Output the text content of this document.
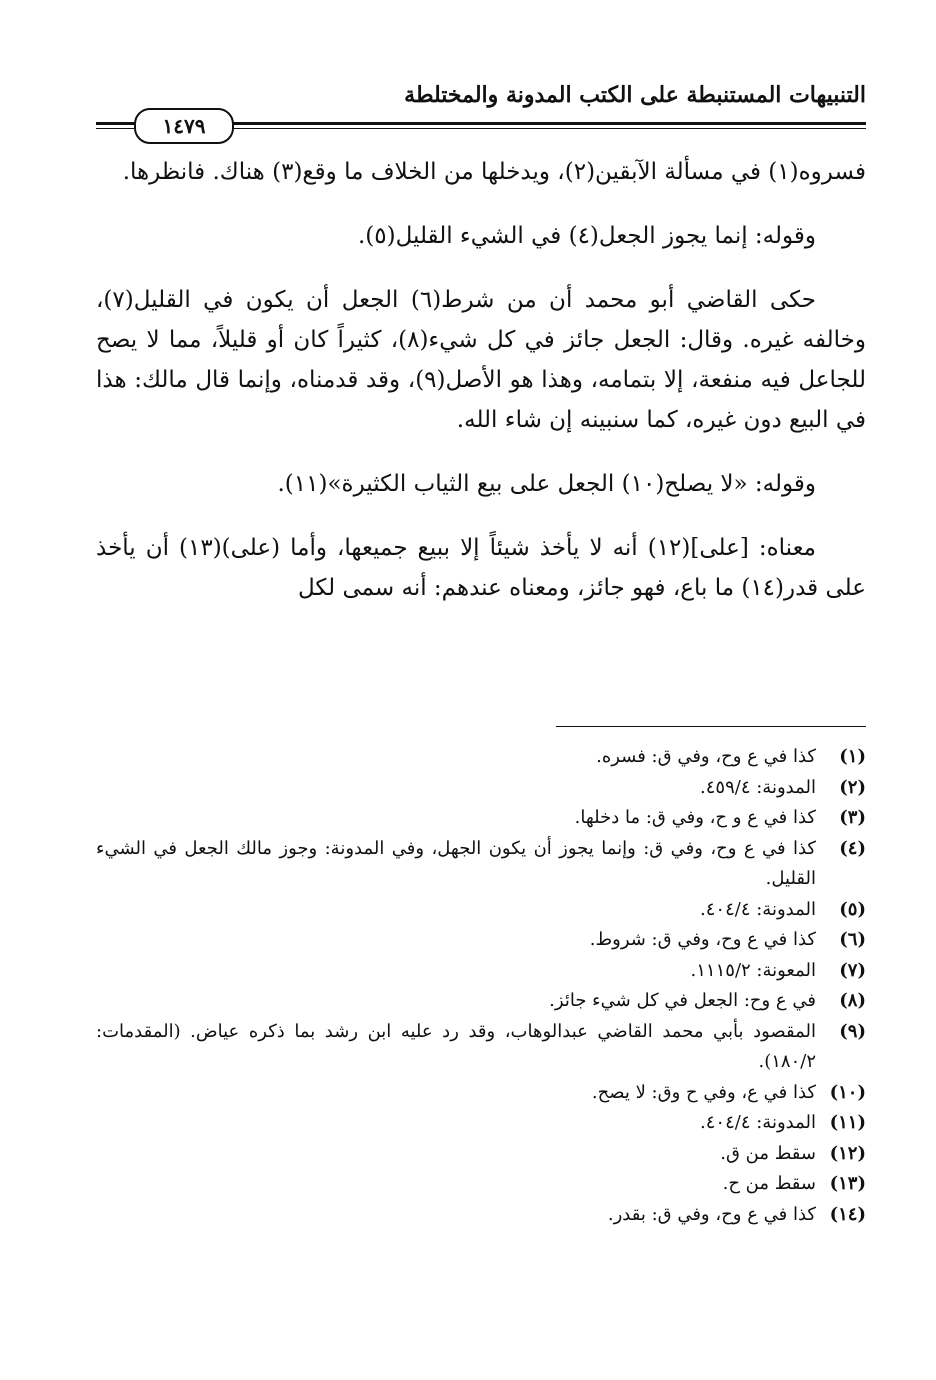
التنبيهات المستنبطة على الكتب المدونة والمختلطة
١٤٧٩

فسروه(١) في مسألة الآبقين(٢)، ويدخلها من الخلاف ما وقع(٣) هناك. فانظرها.

وقوله: إنما يجوز الجعل(٤) في الشيء القليل(٥).

حكى القاضي أبو محمد أن من شرط(٦) الجعل أن يكون في القليل(٧)، وخالفه غيره. وقال: الجعل جائز في كل شيء(٨)، كثيراً كان أو قليلاً، مما لا يصح للجاعل فيه منفعة، إلا بتمامه، وهذا هو الأصل(٩)، وقد قدمناه، وإنما قال مالك: هذا في البيع دون غيره، كما سنبينه إن شاء الله.

وقوله: «لا يصلح(١٠) الجعل على بيع الثياب الكثيرة»(١١).

معناه: [على](١٢) أنه لا يأخذ شيئاً إلا ببيع جميعها، وأما (على)(١٣) أن يأخذ على قدر(١٤) ما باع، فهو جائز، ومعناه عندهم: أنه سمى لكل

(١)
كذا في ع وح، وفي ق: فسره.
(٢)
المدونة: ٤٥٩/٤.
(٣)
كذا في ع و ح، وفي ق: ما دخلها.
(٤)
كذا في ع وح، وفي ق: وإنما يجوز أن يكون الجهل، وفي المدونة: وجوز مالك الجعل في الشيء القليل.
(٥)
المدونة: ٤٠٤/٤.
(٦)
كذا في ع وح، وفي ق: شروط.
(٧)
المعونة: ١١١٥/٢.
(٨)
في ع وح: الجعل في كل شيء جائز.
(٩)
المقصود بأبي محمد القاضي عبدالوهاب، وقد رد عليه ابن رشد بما ذكره عياض. (المقدمات: ١٨٠/٢).
(١٠)
كذا في ع، وفي ح وق: لا يصح.
(١١)
المدونة: ٤٠٤/٤.
(١٢)
سقط من ق.
(١٣)
سقط من ح.
(١٤)
كذا في ع وح، وفي ق: بقدر.
